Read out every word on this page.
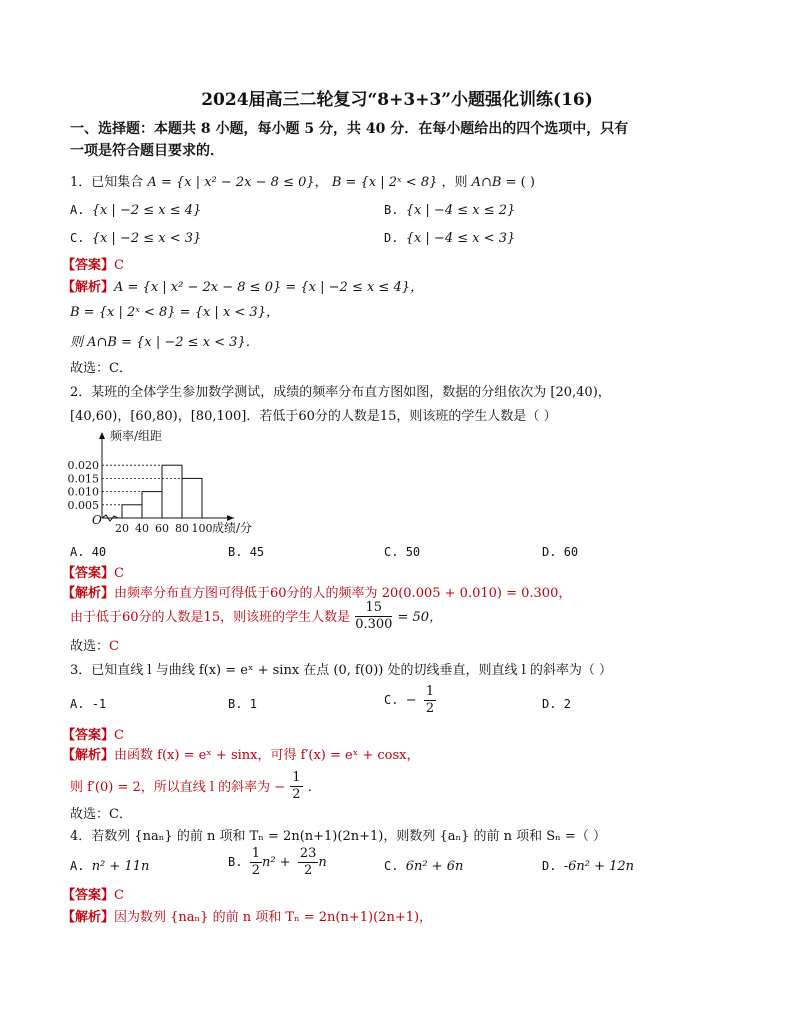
2024届高三二轮复习“8+3+3”小题强化训练(16)
一、选择题：本题共 8 小题，每小题 5 分，共 40 分．在每小题给出的四个选项中，只有
一项是符合题目要求的．
1．已知集合 A = {x | x² − 2x − 8 ≤ 0}， B = {x | 2ˣ < 8} ，则 A∩B = ( )
A. {x | −2 ≤ x ≤ 4}	B. {x | −4 ≤ x ≤ 2}
C. {x | −2 ≤ x < 3}	D. {x | −4 ≤ x < 3}
【答案】C
【解析】A = {x | x² − 2x − 8 ≤ 0} = {x | −2 ≤ x ≤ 4}，
B = {x | 2ˣ < 8} = {x | x < 3}，
则 A∩B = {x | −2 ≤ x < 3}．
故选：C．
2．某班的全体学生参加数学测试，成绩的频率分布直方图如图，数据的分组依次为 [20,40)，
[40,60)，[60,80)，[80,100]．若低于60分的人数是15，则该班的学生人数是（ ）
0.005
0.010
0.015
0.020
20 40 60 80 100
O
频率/组距
成绩/分
A. 40	B. 45	C. 50	D. 60
【答案】C
【解析】由频率分布直方图可得低于60分的人的频率为 20(0.005 + 0.010) = 0.300，
由于低于60分的人数是15，则该班的学生人数是 $\frac{15}{0.300} = 50$，
故选：C
3．已知直线 l 与曲线 f(x) = eˣ + sinx 在点 (0, f(0)) 处的切线垂直，则直线 l 的斜率为（ ）
A. -1	B. 1	C. − $\frac{1}{2}$	D. 2
【答案】C
【解析】由函数 f(x) = eˣ + sinx，可得 f′(x) = eˣ + cosx，
则 f′(0) = 2，所以直线 l 的斜率为 − $\frac{1}{2}$ ．
故选：C．
4．若数列 {naₙ} 的前 n 项和 Tₙ = 2n(n+1)(2n+1)，则数列 {aₙ} 的前 n 项和 Sₙ =（ ）
A. n² + 11n	B. $\frac{1}{2} n^2 + \frac{23}{2}$ n	C. 6n² + 6n	D. -6n² + 12n
【答案】C
【解析】因为数列 {naₙ} 的前 n 项和 Tₙ = 2n(n+1)(2n+1)，
